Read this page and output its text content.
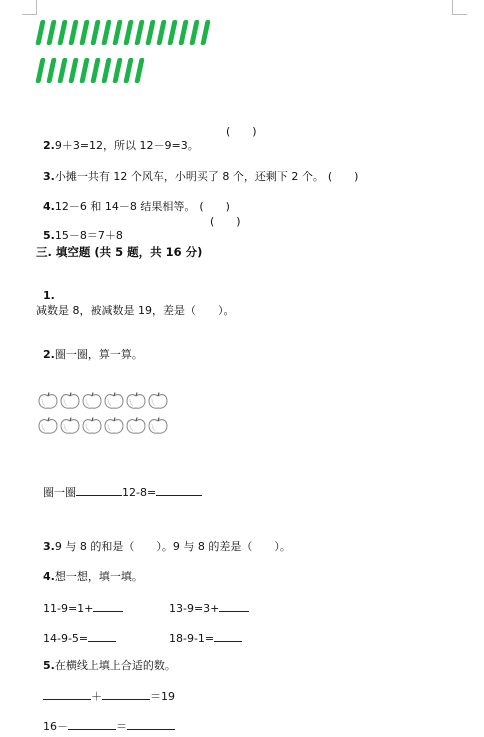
2.9＋3=12，所以 12－9=3。

(　　)

3.小摊一共有 12 个风车，小明买了 8 个，还剩下 2 个。 (　　)

4.12－6 和 14－8 结果相等。 (　　)

5.15－8＝7＋8

(　　)
三. 填空题 (共 5 题，共 16 分)

1.

减数是 8，被减数是 19，差是（　　）。

2.圈一圈，算一算。

圈一圈	12-8=

3.9 与 8 的和是（　　）。9 与 8 的差是（　　）。

4.想一想，填一填。

11-9=1+	13-9=3+

14-9-5=	18-9-1=

5.在横线上填上合适的数。

＋	＝19

16－	＝
